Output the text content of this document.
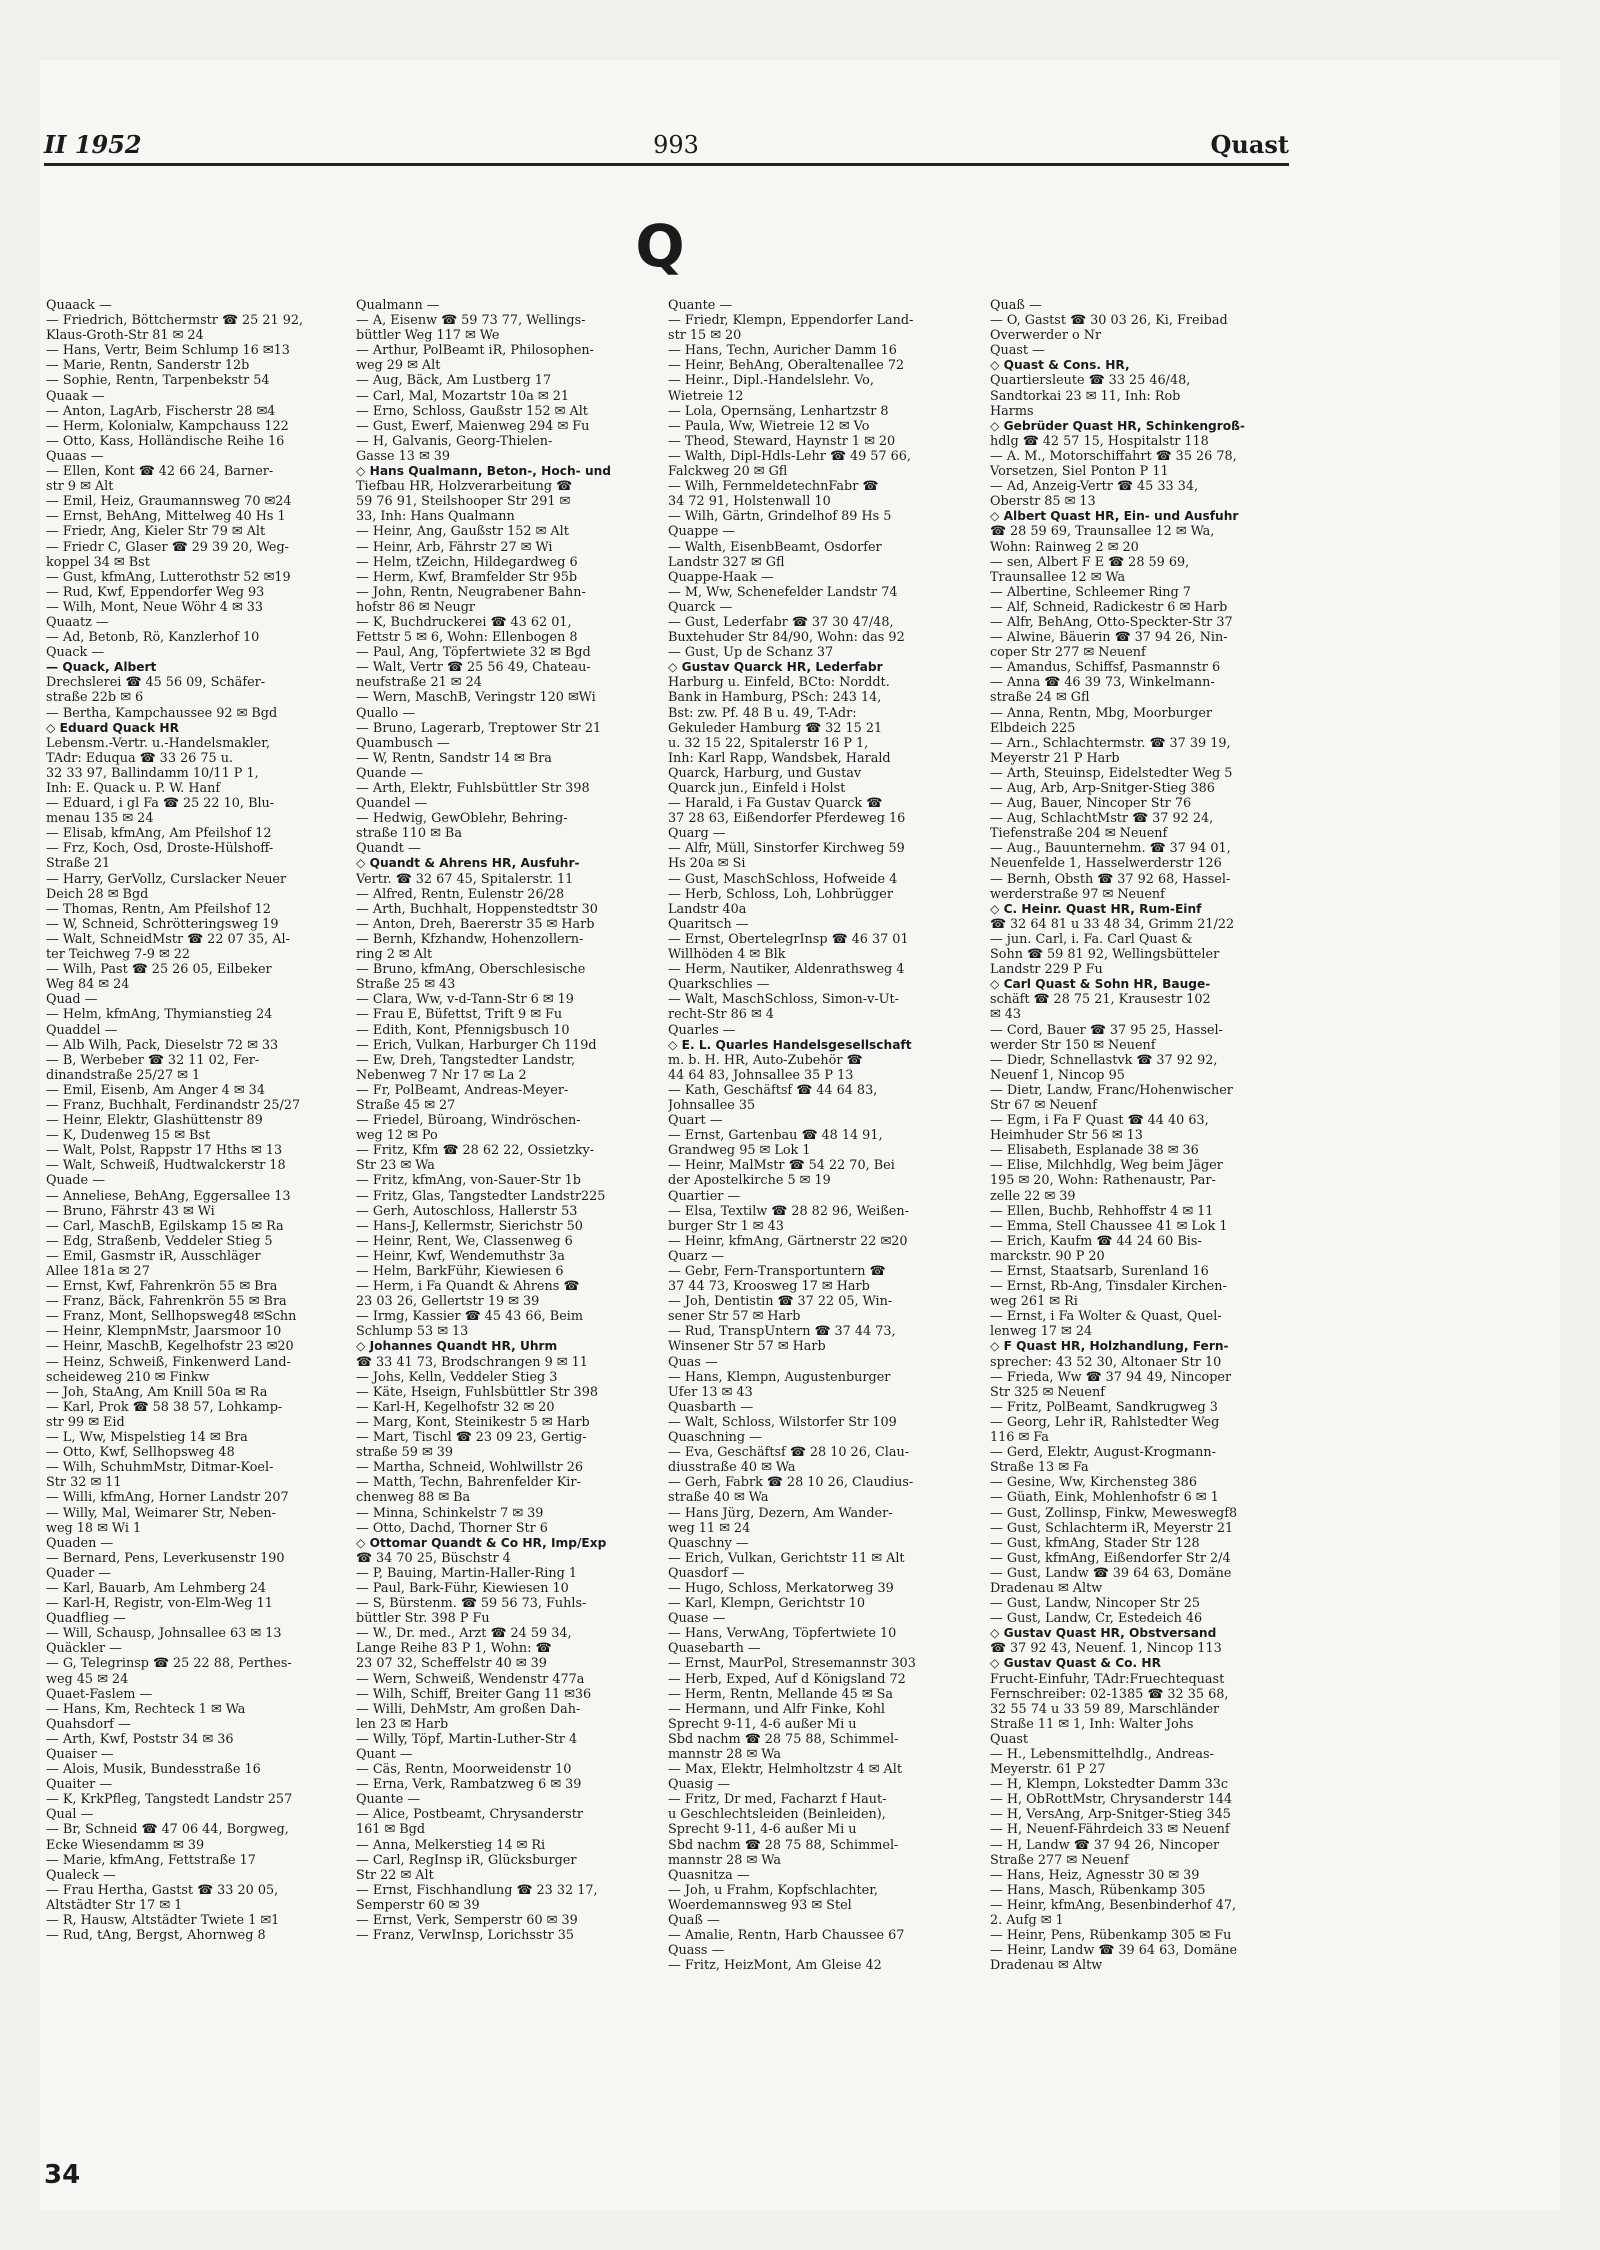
II 1952	993	Quast
Q
Quaack —
— Friedrich, Böttchermstr ☎ 25 21 92,
Klaus-Groth-Str 81 ✉ 24
— Hans, Vertr, Beim Schlump 16 ✉13
— Marie, Rentn, Sanderstr 12b
— Sophie, Rentn, Tarpenbekstr 54
Quaak —
— Anton, LagArb, Fischerstr 28 ✉4
— Herm, Kolonialw, Kampchauss 122
— Otto, Kass, Holländische Reihe 16
Quaas —
— Ellen, Kont ☎ 42 66 24, Barner-
str 9 ✉ Alt
— Emil, Heiz, Graumannsweg 70 ✉24
— Ernst, BehAng, Mittelweg 40 Hs 1
— Friedr, Ang, Kieler Str 79 ✉ Alt
— Friedr C, Glaser ☎ 29 39 20, Weg-
koppel 34 ✉ Bst
— Gust, kfmAng, Lutterothstr 52 ✉19
— Rud, Kwf, Eppendorfer Weg 93
— Wilh, Mont, Neue Wöhr 4 ✉ 33
Quaatz —
— Ad, Betonb, Rö, Kanzlerhof 10
Quack —
— Quack, Albert
Drechslerei ☎ 45 56 09, Schäfer-
straße 22b ✉ 6
— Bertha, Kampchaussee 92 ✉ Bgd
◇ Eduard Quack HR
Lebensm.-Vertr. u.-Handelsmakler,
TAdr: Eduqua ☎ 33 26 75 u.
32 33 97, Ballindamm 10/11 P 1,
Inh: E. Quack u. P. W. Hanf
— Eduard, i gl Fa ☎ 25 22 10, Blu-
menau 135 ✉ 24
— Elisab, kfmAng, Am Pfeilshof 12
— Frz, Koch, Osd, Droste-Hülshoff-
Straße 21
— Harry, GerVollz, Curslacker Neuer
Deich 28 ✉ Bgd
— Thomas, Rentn, Am Pfeilshof 12
— W, Schneid, Schrötteringsweg 19
— Walt, SchneidMstr ☎ 22 07 35, Al-
ter Teichweg 7-9 ✉ 22
— Wilh, Past ☎ 25 26 05, Eilbeker
Weg 84 ✉ 24
Quad —
— Helm, kfmAng, Thymianstieg 24
Quaddel —
— Alb Wilh, Pack, Dieselstr 72 ✉ 33
— B, Werbeber ☎ 32 11 02, Fer-
dinandstraße 25/27 ✉ 1
— Emil, Eisenb, Am Anger 4 ✉ 34
— Franz, Buchhalt, Ferdinandstr 25/27
— Heinr, Elektr, Glashüttenstr 89
— K, Dudenweg 15 ✉ Bst
— Walt, Polst, Rappstr 17 Hths ✉ 13
— Walt, Schweiß, Hudtwalckerstr 18
Quade —
— Anneliese, BehAng, Eggersallee 13
— Bruno, Fährstr 43 ✉ Wi
— Carl, MaschB, Egilskamp 15 ✉ Ra
— Edg, Straßenb, Veddeler Stieg 5
— Emil, Gasmstr iR, Ausschläger
Allee 181a ✉ 27
— Ernst, Kwf, Fahrenkrön 55 ✉ Bra
— Franz, Bäck, Fahrenkrön 55 ✉ Bra
— Franz, Mont, Sellhopsweg48 ✉Schn
— Heinr, KlempnMstr, Jaarsmoor 10
— Heinr, MaschB, Kegelhofstr 23 ✉20
— Heinz, Schweiß, Finkenwerd Land-
scheideweg 210 ✉ Finkw
— Joh, StaAng, Am Knill 50a ✉ Ra
— Karl, Prok ☎ 58 38 57, Lohkamp-
str 99 ✉ Eid
— L, Ww, Mispelstieg 14 ✉ Bra
— Otto, Kwf, Sellhopsweg 48
— Wilh, SchuhmMstr, Ditmar-Koel-
Str 32 ✉ 11
— Willi, kfmAng, Horner Landstr 207
— Willy, Mal, Weimarer Str, Neben-
weg 18 ✉ Wi 1
Quaden —
— Bernard, Pens, Leverkusenstr 190
Quader —
— Karl, Bauarb, Am Lehmberg 24
— Karl-H, Registr, von-Elm-Weg 11
Quadflieg —
— Will, Schausp, Johnsallee 63 ✉ 13
Quäckler —
— G, Telegrinsp ☎ 25 22 88, Perthes-
weg 45 ✉ 24
Quaet-Faslem —
— Hans, Km, Rechteck 1 ✉ Wa
Quahsdorf —
— Arth, Kwf, Poststr 34 ✉ 36
Quaiser —
— Alois, Musik, Bundesstraße 16
Quaiter —
— K, KrkPfleg, Tangstedt Landstr 257
Qual —
— Br, Schneid ☎ 47 06 44, Borgweg,
Ecke Wiesendamm ✉ 39
— Marie, kfmAng, Fettstraße 17
Qualeck —
— Frau Hertha, Gastst ☎ 33 20 05,
Altstädter Str 17 ✉ 1
— R, Hausw, Altstädter Twiete 1 ✉1
— Rud, tAng, Bergst, Ahornweg 8
Qualmann —
— A, Eisenw ☎ 59 73 77, Wellings-
büttler Weg 117 ✉ We
— Arthur, PolBeamt iR, Philosophen-
weg 29 ✉ Alt
— Aug, Bäck, Am Lustberg 17
— Carl, Mal, Mozartstr 10a ✉ 21
— Erno, Schloss, Gaußstr 152 ✉ Alt
— Gust, Ewerf, Maienweg 294 ✉ Fu
— H, Galvanis, Georg-Thielen-
Gasse 13 ✉ 39
◇ Hans Qualmann, Beton-, Hoch- und
Tiefbau HR, Holzverarbeitung ☎
59 76 91, Steilshooper Str 291 ✉
33, Inh: Hans Qualmann
— Heinr, Ang, Gaußstr 152 ✉ Alt
— Heinr, Arb, Fährstr 27 ✉ Wi
— Helm, tZeichn, Hildegardweg 6
— Herm, Kwf, Bramfelder Str 95b
— John, Rentn, Neugrabener Bahn-
hofstr 86 ✉ Neugr
— K, Buchdruckerei ☎ 43 62 01,
Fettstr 5 ✉ 6, Wohn: Ellenbogen 8
— Paul, Ang, Töpfertwiete 32 ✉ Bgd
— Walt, Vertr ☎ 25 56 49, Chateau-
neufstraße 21 ✉ 24
— Wern, MaschB, Veringstr 120 ✉Wi
Quallo —
— Bruno, Lagerarb, Treptower Str 21
Quambusch —
— W, Rentn, Sandstr 14 ✉ Bra
Quande —
— Arth, Elektr, Fuhlsbüttler Str 398
Quandel —
— Hedwig, GewOblehr, Behring-
straße 110 ✉ Ba
Quandt —
◇ Quandt & Ahrens HR, Ausfuhr-
Vertr. ☎ 32 67 45, Spitalerstr. 11
— Alfred, Rentn, Eulenstr 26/28
— Arth, Buchhalt, Hoppenstedtstr 30
— Anton, Dreh, Baererstr 35 ✉ Harb
— Bernh, Kfzhandw, Hohenzollern-
ring 2 ✉ Alt
— Bruno, kfmAng, Oberschlesische
Straße 25 ✉ 43
— Clara, Ww, v-d-Tann-Str 6 ✉ 19
— Frau E, Büfettst, Trift 9 ✉ Fu
— Edith, Kont, Pfennigsbusch 10
— Erich, Vulkan, Harburger Ch 119d
— Ew, Dreh, Tangstedter Landstr,
Nebenweg 7 Nr 17 ✉ La 2
— Fr, PolBeamt, Andreas-Meyer-
Straße 45 ✉ 27
— Friedel, Büroang, Windröschen-
weg 12 ✉ Po
— Fritz, Kfm ☎ 28 62 22, Ossietzky-
Str 23 ✉ Wa
— Fritz, kfmAng, von-Sauer-Str 1b
— Fritz, Glas, Tangstedter Landstr225
— Gerh, Autoschloss, Hallerstr 53
— Hans-J, Kellermstr, Sierichstr 50
— Heinr, Rent, We, Classenweg 6
— Heinr, Kwf, Wendemuthstr 3a
— Helm, BarkFühr, Kiewiesen 6
— Herm, i Fa Quandt & Ahrens ☎
23 03 26, Gellertstr 19 ✉ 39
— Irmg, Kassier ☎ 45 43 66, Beim
Schlump 53 ✉ 13
◇ Johannes Quandt HR, Uhrm
☎ 33 41 73, Brodschrangen 9 ✉ 11
— Johs, Kelln, Veddeler Stieg 3
— Käte, Hseign, Fuhlsbüttler Str 398
— Karl-H, Kegelhofstr 32 ✉ 20
— Marg, Kont, Steinikestr 5 ✉ Harb
— Mart, Tischl ☎ 23 09 23, Gertig-
straße 59 ✉ 39
— Martha, Schneid, Wohlwillstr 26
— Matth, Techn, Bahrenfelder Kir-
chenweg 88 ✉ Ba
— Minna, Schinkelstr 7 ✉ 39
— Otto, Dachd, Thorner Str 6
◇ Ottomar Quandt & Co HR, Imp/Exp
☎ 34 70 25, Büschstr 4
— P, Bauing, Martin-Haller-Ring 1
— Paul, Bark-Führ, Kiewiesen 10
— S, Bürstenm. ☎ 59 56 73, Fuhls-
büttler Str. 398 P Fu
— W., Dr. med., Arzt ☎ 24 59 34,
Lange Reihe 83 P 1, Wohn: ☎
23 07 32, Scheffelstr 40 ✉ 39
— Wern, Schweiß, Wendenstr 477a
— Wilh, Schiff, Breiter Gang 11 ✉36
— Willi, DehMstr, Am großen Dah-
len 23 ✉ Harb
— Willy, Töpf, Martin-Luther-Str 4
Quant —
— Cäs, Rentn, Moorweidenstr 10
— Erna, Verk, Rambatzweg 6 ✉ 39
Quante —
— Alice, Postbeamt, Chrysanderstr
161 ✉ Bgd
— Anna, Melkerstieg 14 ✉ Ri
— Carl, RegInsp iR, Glücksburger
Str 22 ✉ Alt
— Ernst, Fischhandlung ☎ 23 32 17,
Semperstr 60 ✉ 39
— Ernst, Verk, Semperstr 60 ✉ 39
— Franz, VerwInsp, Lorichsstr 35
Quante —
— Friedr, Klempn, Eppendorfer Land-
str 15 ✉ 20
— Hans, Techn, Auricher Damm 16
— Heinr, BehAng, Oberaltenallee 72
— Heinr., Dipl.-Handelslehr. Vo,
Wietreie 12
— Lola, Opernsäng, Lenhartzstr 8
— Paula, Ww, Wietreie 12 ✉ Vo
— Theod, Steward, Haynstr 1 ✉ 20
— Walth, Dipl-Hdls-Lehr ☎ 49 57 66,
Falckweg 20 ✉ Gfl
— Wilh, FernmeldetechnFabr ☎
34 72 91, Holstenwall 10
— Wilh, Gärtn, Grindelhof 89 Hs 5
Quappe —
— Walth, EisenbBeamt, Osdorfer
Landstr 327 ✉ Gfl
Quappe-Haak —
— M, Ww, Schenefelder Landstr 74
Quarck —
— Gust, Lederfabr ☎ 37 30 47/48,
Buxtehuder Str 84/90, Wohn: das 92
— Gust, Up de Schanz 37
◇ Gustav Quarck HR, Lederfabr
Harburg u. Einfeld, BCto: Norddt.
Bank in Hamburg, PSch: 243 14,
Bst: zw. Pf. 48 B u. 49, T-Adr:
Gekuleder Hamburg ☎ 32 15 21
u. 32 15 22, Spitalerstr 16 P 1,
Inh: Karl Rapp, Wandsbek, Harald
Quarck, Harburg, und Gustav
Quarck jun., Einfeld i Holst
— Harald, i Fa Gustav Quarck ☎
37 28 63, Eißendorfer Pferdeweg 16
Quarg —
— Alfr, Müll, Sinstorfer Kirchweg 59
Hs 20a ✉ Si
— Gust, MaschSchloss, Hofweide 4
— Herb, Schloss, Loh, Lohbrügger
Landstr 40a
Quaritsch —
— Ernst, ObertelegrInsp ☎ 46 37 01
Willhöden 4 ✉ Blk
— Herm, Nautiker, Aldenrathsweg 4
Quarkschlies —
— Walt, MaschSchloss, Simon-v-Ut-
recht-Str 86 ✉ 4
Quarles —
◇ E. L. Quarles Handelsgesellschaft
m. b. H. HR, Auto-Zubehör ☎
44 64 83, Johnsallee 35 P 13
— Kath, Geschäftsf ☎ 44 64 83,
Johnsallee 35
Quart —
— Ernst, Gartenbau ☎ 48 14 91,
Grandweg 95 ✉ Lok 1
— Heinr, MalMstr ☎ 54 22 70, Bei
der Apostelkirche 5 ✉ 19
Quartier —
— Elsa, Textilw ☎ 28 82 96, Weißen-
burger Str 1 ✉ 43
— Heinr, kfmAng, Gärtnerstr 22 ✉20
Quarz —
— Gebr, Fern-Transportuntern ☎
37 44 73, Kroosweg 17 ✉ Harb
— Joh, Dentistin ☎ 37 22 05, Win-
sener Str 57 ✉ Harb
— Rud, TranspUntern ☎ 37 44 73,
Winsener Str 57 ✉ Harb
Quas —
— Hans, Klempn, Augustenburger
Ufer 13 ✉ 43
Quasbarth —
— Walt, Schloss, Wilstorfer Str 109
Quaschning —
— Eva, Geschäftsf ☎ 28 10 26, Clau-
diusstraße 40 ✉ Wa
— Gerh, Fabrk ☎ 28 10 26, Claudius-
straße 40 ✉ Wa
— Hans Jürg, Dezern, Am Wander-
weg 11 ✉ 24
Quaschny —
— Erich, Vulkan, Gerichtstr 11 ✉ Alt
Quasdorf —
— Hugo, Schloss, Merkatorweg 39
— Karl, Klempn, Gerichtstr 10
Quase —
— Hans, VerwAng, Töpfertwiete 10
Quasebarth —
— Ernst, MaurPol, Stresemannstr 303
— Herb, Exped, Auf d Königsland 72
— Herm, Rentn, Mellande 45 ✉ Sa
— Hermann, und Alfr Finke, Kohl
Sprecht 9-11, 4-6 außer Mi u
Sbd nachm ☎ 28 75 88, Schimmel-
mannstr 28 ✉ Wa
— Max, Elektr, Helmholtzstr 4 ✉ Alt
Quasig —
— Fritz, Dr med, Facharzt f Haut-
u Geschlechtsleiden (Beinleiden),
Sprecht 9-11, 4-6 außer Mi u
Sbd nachm ☎ 28 75 88, Schimmel-
mannstr 28 ✉ Wa
Quasnitza —
— Joh, u Frahm, Kopfschlachter,
Woerdemannsweg 93 ✉ Stel
Quaß —
— Amalie, Rentn, Harb Chaussee 67
Quass —
— Fritz, HeizMont, Am Gleise 42
Quaß —
— O, Gastst ☎ 30 03 26, Ki, Freibad
Overwerder o Nr
Quast —
◇ Quast & Cons. HR,
Quartiersleute ☎ 33 25 46/48,
Sandtorkai 23 ✉ 11, Inh: Rob
Harms
◇ Gebrüder Quast HR, Schinkengroß-
hdlg ☎ 42 57 15, Hospitalstr 118
— A. M., Motorschiffahrt ☎ 35 26 78,
Vorsetzen, Siel Ponton P 11
— Ad, Anzeig-Vertr ☎ 45 33 34,
Oberstr 85 ✉ 13
◇ Albert Quast HR, Ein- und Ausfuhr
☎ 28 59 69, Traunsallee 12 ✉ Wa,
Wohn: Rainweg 2 ✉ 20
— sen, Albert F E ☎ 28 59 69,
Traunsallee 12 ✉ Wa
— Albertine, Schleemer Ring 7
— Alf, Schneid, Radickestr 6 ✉ Harb
— Alfr, BehAng, Otto-Speckter-Str 37
— Alwine, Bäuerin ☎ 37 94 26, Nin-
coper Str 277 ✉ Neuenf
— Amandus, Schiffsf, Pasmannstr 6
— Anna ☎ 46 39 73, Winkelmann-
straße 24 ✉ Gfl
— Anna, Rentn, Mbg, Moorburger
Elbdeich 225
— Arn., Schlachtermstr. ☎ 37 39 19,
Meyerstr 21 P Harb
— Arth, Steuinsp, Eidelstedter Weg 5
— Aug, Arb, Arp-Snitger-Stieg 386
— Aug, Bauer, Nincoper Str 76
— Aug, SchlachtMstr ☎ 37 92 24,
Tiefenstraße 204 ✉ Neuenf
— Aug., Bauunternehm. ☎ 37 94 01,
Neuenfelde 1, Hasselwerderstr 126
— Bernh, Obsth ☎ 37 92 68, Hassel-
werderstraße 97 ✉ Neuenf
◇ C. Heinr. Quast HR, Rum-Einf
☎ 32 64 81 u 33 48 34, Grimm 21/22
— jun. Carl, i. Fa. Carl Quast &
Sohn ☎ 59 81 92, Wellingsbütteler
Landstr 229 P Fu
◇ Carl Quast & Sohn HR, Bauge-
schäft ☎ 28 75 21, Krausestr 102
✉ 43
— Cord, Bauer ☎ 37 95 25, Hassel-
werder Str 150 ✉ Neuenf
— Diedr, Schnellastvk ☎ 37 92 92,
Neuenf 1, Nincop 95
— Dietr, Landw, Franc/Hohenwischer
Str 67 ✉ Neuenf
— Egm, i Fa F Quast ☎ 44 40 63,
Heimhuder Str 56 ✉ 13
— Elisabeth, Esplanade 38 ✉ 36
— Elise, Milchhdlg, Weg beim Jäger
195 ✉ 20, Wohn: Rathenaustr, Par-
zelle 22 ✉ 39
— Ellen, Buchb, Rehhoffstr 4 ✉ 11
— Emma, Stell Chaussee 41 ✉ Lok 1
— Erich, Kaufm ☎ 44 24 60 Bis-
marckstr. 90 P 20
— Ernst, Staatsarb, Surenland 16
— Ernst, Rb-Ang, Tinsdaler Kirchen-
weg 261 ✉ Ri
— Ernst, i Fa Wolter & Quast, Quel-
lenweg 17 ✉ 24
◇ F Quast HR, Holzhandlung, Fern-
sprecher: 43 52 30, Altonaer Str 10
— Frieda, Ww ☎ 37 94 49, Nincoper
Str 325 ✉ Neuenf
— Fritz, PolBeamt, Sandkrugweg 3
— Georg, Lehr iR, Rahlstedter Weg
116 ✉ Fa
— Gerd, Elektr, August-Krogmann-
Straße 13 ✉ Fa
— Gesine, Ww, Kirchensteg 386
— Güath, Eink, Mohlenhofstr 6 ✉ 1
— Gust, Zollinsp, Finkw, Meweswegf8
— Gust, Schlachterm iR, Meyerstr 21
— Gust, kfmAng, Stader Str 128
— Gust, kfmAng, Eißendorfer Str 2/4
— Gust, Landw ☎ 39 64 63, Domäne
Dradenau ✉ Altw
— Gust, Landw, Nincoper Str 25
— Gust, Landw, Cr, Estedeich 46
◇ Gustav Quast HR, Obstversand
☎ 37 92 43, Neuenf. 1, Nincop 113
◇ Gustav Quast & Co. HR
Frucht-Einfuhr, TAdr:Fruechtequast
Fernschreiber: 02-1385 ☎ 32 35 68,
32 55 74 u 33 59 89, Marschländer
Straße 11 ✉ 1, Inh: Walter Johs
Quast
— H., Lebensmittelhdlg., Andreas-
Meyerstr. 61 P 27
— H, Klempn, Lokstedter Damm 33c
— H, ObRottMstr, Chrysanderstr 144
— H, VersAng, Arp-Snitger-Stieg 345
— H, Neuenf-Fährdeich 33 ✉ Neuenf
— H, Landw ☎ 37 94 26, Nincoper
Straße 277 ✉ Neuenf
— Hans, Heiz, Agnesstr 30 ✉ 39
— Hans, Masch, Rübenkamp 305
— Heinr, kfmAng, Besenbinderhof 47,
2. Aufg ✉ 1
— Heinr, Pens, Rübenkamp 305 ✉ Fu
— Heinr, Landw ☎ 39 64 63, Domäne
Dradenau ✉ Altw
34
